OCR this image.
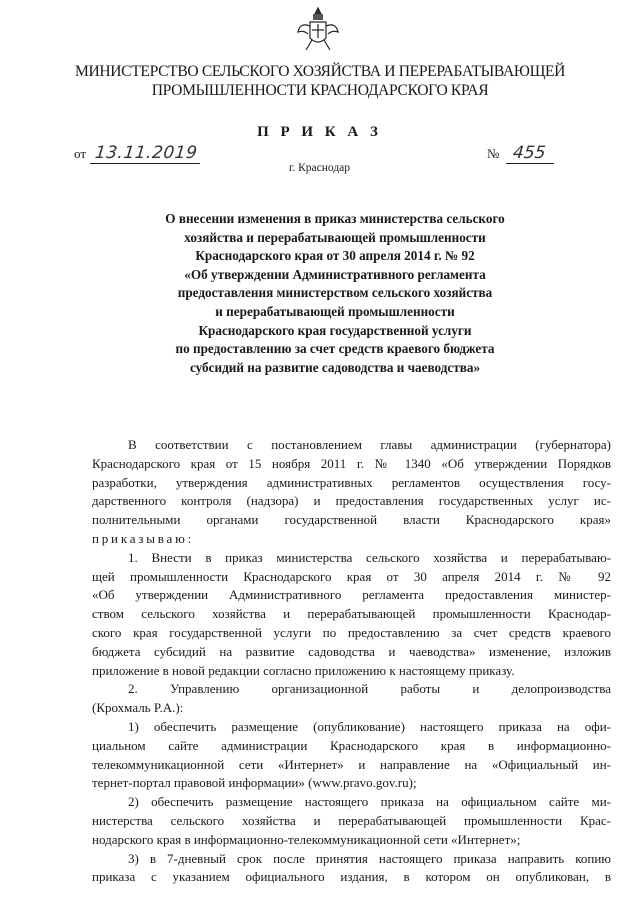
МИНИСТЕРСТВО СЕЛЬСКОГО ХОЗЯЙСТВА И ПЕРЕРАБАТЫВАЮЩЕЙ
ПРОМЫШЛЕННОСТИ КРАСНОДАРСКОГО КРАЯ
П Р И К А З
от 13.11.2019	№ 455
г. Краснодар
О внесении изменения в приказ министерства сельского
хозяйства и перерабатывающей промышленности
Краснодарского края от 30 апреля 2014 г. № 92
«Об утверждении Административного регламента
предоставления министерством сельского хозяйства
и перерабатывающей промышленности
Краснодарского края государственной услуги
по предоставлению за счет средств краевого бюджета
субсидий на развитие садоводства и чаеводства»
В соответствии с постановлением главы администрации (губернатора)
Краснодарского края от 15 ноября 2011 г. № 1340 «Об утверждении Порядков
разработки, утверждения административных регламентов осуществления госу-
дарственного контроля (надзора) и предоставления государственных услуг ис-
полнительными органами государственной власти Краснодарского края»
приказываю:
1. Внести в приказ министерства сельского хозяйства и перерабатываю-
щей промышленности Краснодарского края от 30 апреля 2014 г. № 92
«Об утверждении Административного регламента предоставления министер-
ством сельского хозяйства и перерабатывающей промышленности Краснодар-
ского края государственной услуги по предоставлению за счет средств краевого
бюджета субсидий на развитие садоводства и чаеводства» изменение, изложив
приложение в новой редакции согласно приложению к настоящему приказу.
2. Управлению организационной работы и делопроизводства
(Крохмаль Р.А.):
1) обеспечить размещение (опубликование) настоящего приказа на офи-
циальном сайте администрации Краснодарского края в информационно-
телекоммуникационной сети «Интернет» и направление на «Официальный ин-
тернет-портал правовой информации» (www.pravo.gov.ru);
2) обеспечить размещение настоящего приказа на официальном сайте ми-
нистерства сельского хозяйства и перерабатывающей промышленности Крас-
нодарского края в информационно-телекоммуникационной сети «Интернет»;
3) в 7-дневный срок после принятия настоящего приказа направить копию
приказа с указанием официального издания, в котором он опубликован, в
